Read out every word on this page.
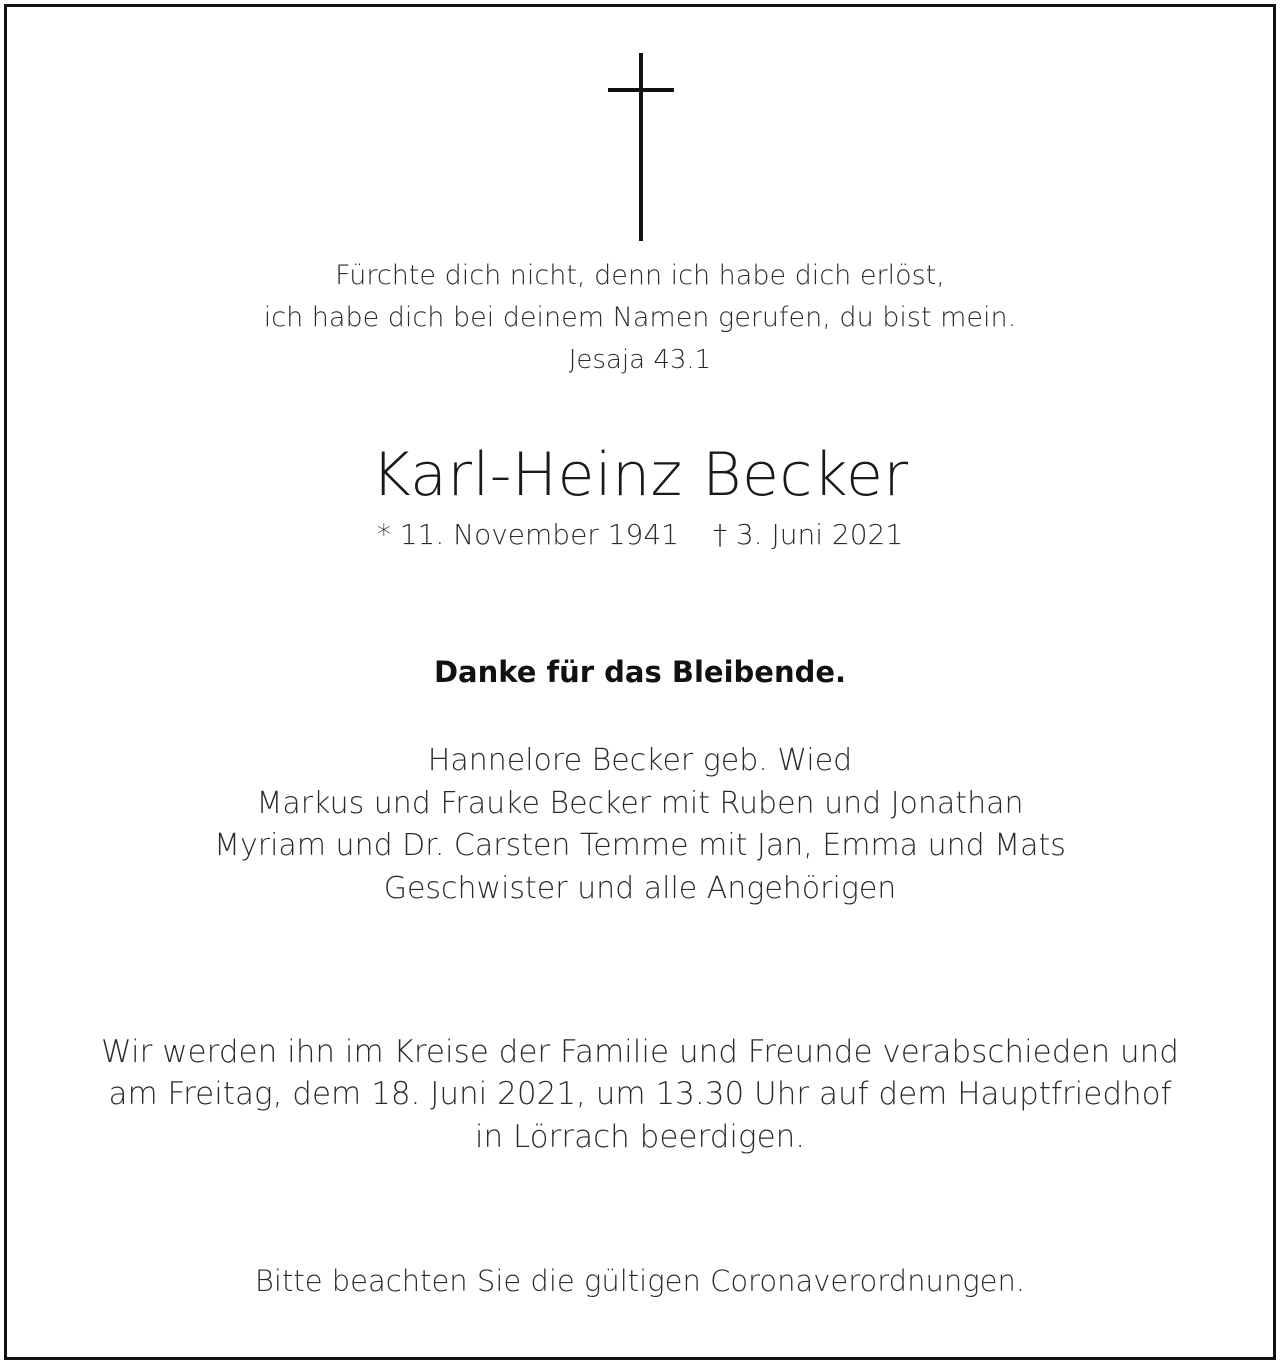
Fürchte dich nicht, denn ich habe dich erlöst,
ich habe dich bei deinem Namen gerufen, du bist mein.
Jesaja 43.1
Karl-Heinz Becker
* 11. November 1941 † 3. Juni 2021
Danke für das Bleibende.
Hannelore Becker geb. Wied
Markus und Frauke Becker mit Ruben und Jonathan
Myriam und Dr. Carsten Temme mit Jan, Emma und Mats
Geschwister und alle Angehörigen
Wir werden ihn im Kreise der Familie und Freunde verabschieden und
am Freitag, dem 18. Juni 2021, um 13.30 Uhr auf dem Hauptfriedhof
in Lörrach beerdigen.
Bitte beachten Sie die gültigen Coronaverordnungen.
